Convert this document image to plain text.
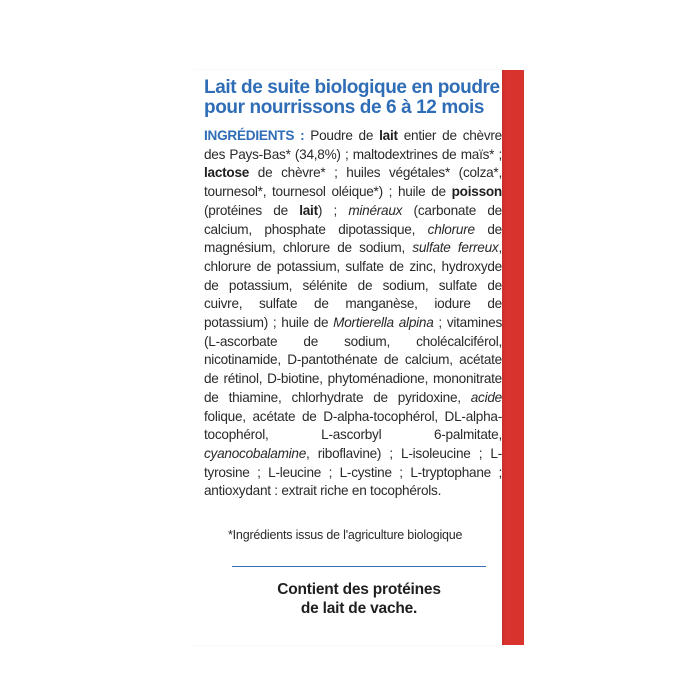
Lait de suite biologique en poudre
pour nourrissons de 6 à 12 mois

INGRÉDIENTS : Poudre de lait entier de chèvre des Pays-Bas* (34,8%) ; maltodextrines de maïs* ; lactose de chèvre* ; huiles végétales* (colza*, tournesol*, tournesol oléique*) ; huile de poisson (protéines de lait) ; minéraux (carbonate de calcium, phosphate dipotassique, chlorure de magnésium, chlorure de sodium, sulfate ferreux, chlorure de potassium, sulfate de zinc, hydroxyde de potassium, sélénite de sodium, sulfate de cuivre, sulfate de manganèse, iodure de potassium) ; huile de Mortierella alpina ; vitamines (L-ascorbate de sodium, cholécalciférol, nicotinamide, D-pantothénate de calcium, acétate de rétinol, D-biotine, phytoménadione, mononitrate de thiamine, chlorhydrate de pyridoxine, acide folique, acétate de D-alpha-tocophérol, DL-alpha-tocophérol, L-ascorbyl 6-palmitate, cyanocobalamine, riboflavine) ; L-isoleucine ; L-tyrosine ; L-leucine ; L-cystine ; L-tryptophane ; antioxydant : extrait riche en tocophérols.

*Ingrédients issus de l'agriculture biologique

Contient des protéines
de lait de vache.
